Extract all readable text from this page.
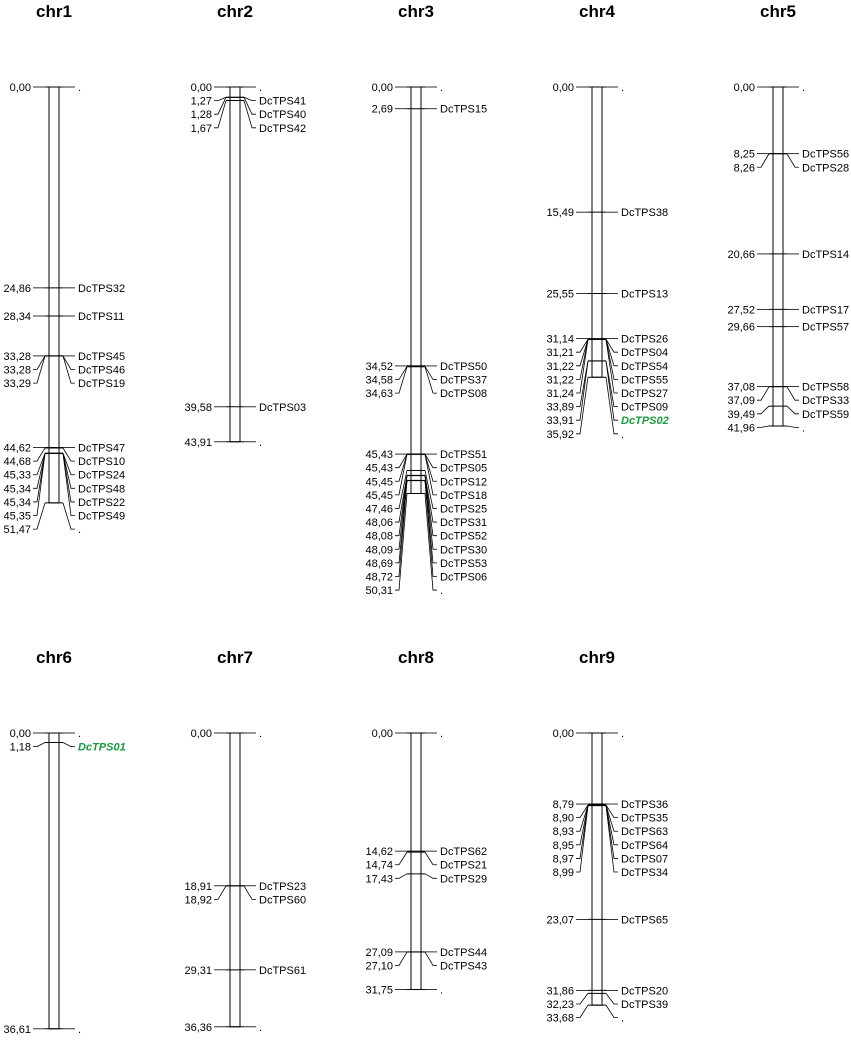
chr1
0,00	.
24,86	DcTPS32
28,34	DcTPS11
33,28	DcTPS45
33,28	DcTPS46
33,29	DcTPS19
44,62	DcTPS47
44,68	DcTPS10
45,33	DcTPS24
45,34	DcTPS48
45,34	DcTPS22
45,35	DcTPS49
51,47	.
chr2
0,00	.
1,27	DcTPS41
1,28	DcTPS40
1,67	DcTPS42
39,58	DcTPS03
43,91	.
chr3
0,00	.
2,69	DcTPS15
34,52	DcTPS50
34,58	DcTPS37
34,63	DcTPS08
45,43	DcTPS51
45,43	DcTPS05
45,45	DcTPS12
45,45	DcTPS18
47,46	DcTPS25
48,06	DcTPS31
48,08	DcTPS52
48,09	DcTPS30
48,69	DcTPS53
48,72	DcTPS06
50,31	.
chr4
0,00	.
15,49	DcTPS38
25,55	DcTPS13
31,14	DcTPS26
31,21	DcTPS04
31,22	DcTPS54
31,22	DcTPS55
31,24	DcTPS27
33,89	DcTPS09
33,91	DcTPS02
35,92	.
chr5
0,00	.
8,25	DcTPS56
8,26	DcTPS28
20,66	DcTPS14
27,52	DcTPS17
29,66	DcTPS57
37,08	DcTPS58
37,09	DcTPS33
39,49	DcTPS59
41,96	.
chr6
0,00	.
1,18	DcTPS01
36,61	.
chr7
0,00	.
18,91	DcTPS23
18,92	DcTPS60
29,31	DcTPS61
36,36	.
chr8
0,00	.
14,62	DcTPS62
14,74	DcTPS21
17,43	DcTPS29
27,09	DcTPS44
27,10	DcTPS43
31,75	.
chr9
0,00	.
8,79	DcTPS36
8,90	DcTPS35
8,93	DcTPS63
8,95	DcTPS64
8,97	DcTPS07
8,99	DcTPS34
23,07	DcTPS65
31,86	DcTPS20
32,23	DcTPS39
33,68	.
